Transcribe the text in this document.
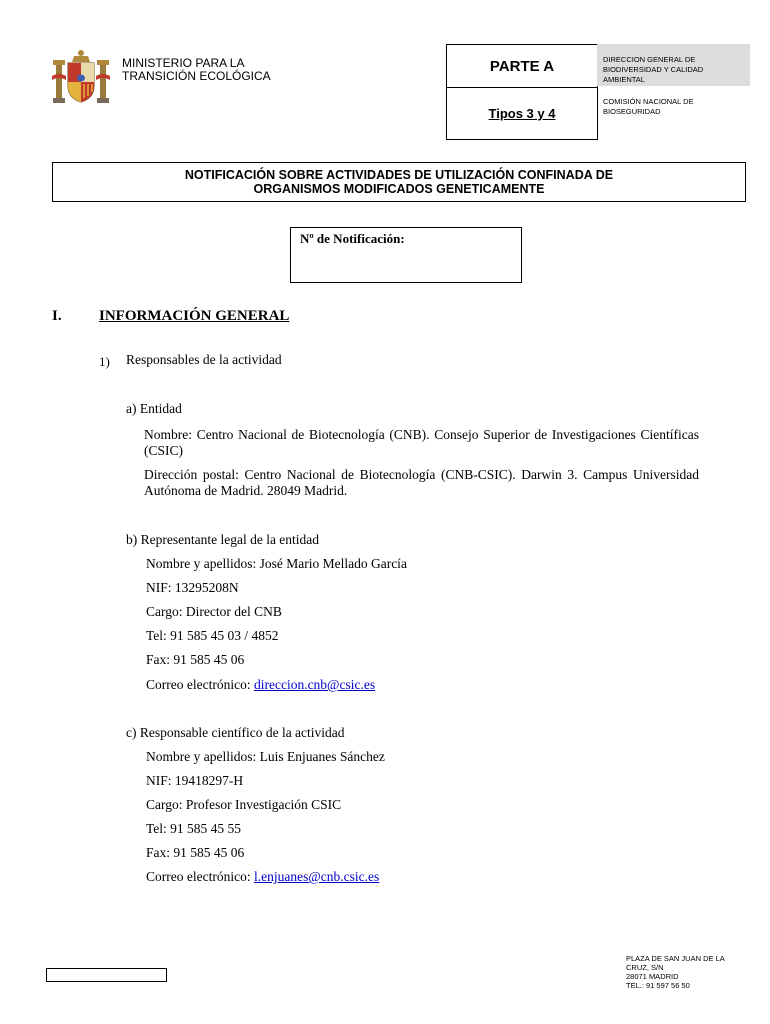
MINISTERIO PARA LA
TRANSICIÓN ECOLÓGICA
PARTE A
Tipos 3 y 4
DIRECCION GENERAL DE
BIODIVERSIDAD Y CALIDAD
AMBIENTAL
COMISIÓN NACIONAL DE
BIOSEGURIDAD
NOTIFICACIÓN SOBRE ACTIVIDADES DE UTILIZACIÓN CONFINADA DE
ORGANISMOS MODIFICADOS GENETICAMENTE
Nº de Notificación:
I. INFORMACIÓN GENERAL
1) Responsables de la actividad
a) Entidad
Nombre: Centro Nacional de Biotecnología (CNB). Consejo Superior de Investigaciones Científicas (CSIC)
Dirección postal: Centro Nacional de Biotecnología (CNB-CSIC). Darwin 3. Campus Universidad Autónoma de Madrid. 28049 Madrid.
b) Representante legal de la entidad
Nombre y apellidos: José Mario Mellado García
NIF: 13295208N
Cargo: Director del CNB
Tel: 91 585 45 03 / 4852
Fax: 91 585 45 06
Correo electrónico: direccion.cnb@csic.es
c) Responsable científico de la actividad
Nombre y apellidos: Luis Enjuanes Sánchez
NIF: 19418297-H
Cargo: Profesor Investigación CSIC
Tel: 91 585 45 55
Fax: 91 585 45 06
Correo electrónico: l.enjuanes@cnb.csic.es
PLAZA DE SAN JUAN DE LA
CRUZ, S/N
28071 MADRID
TEL.: 91 597 56 50
